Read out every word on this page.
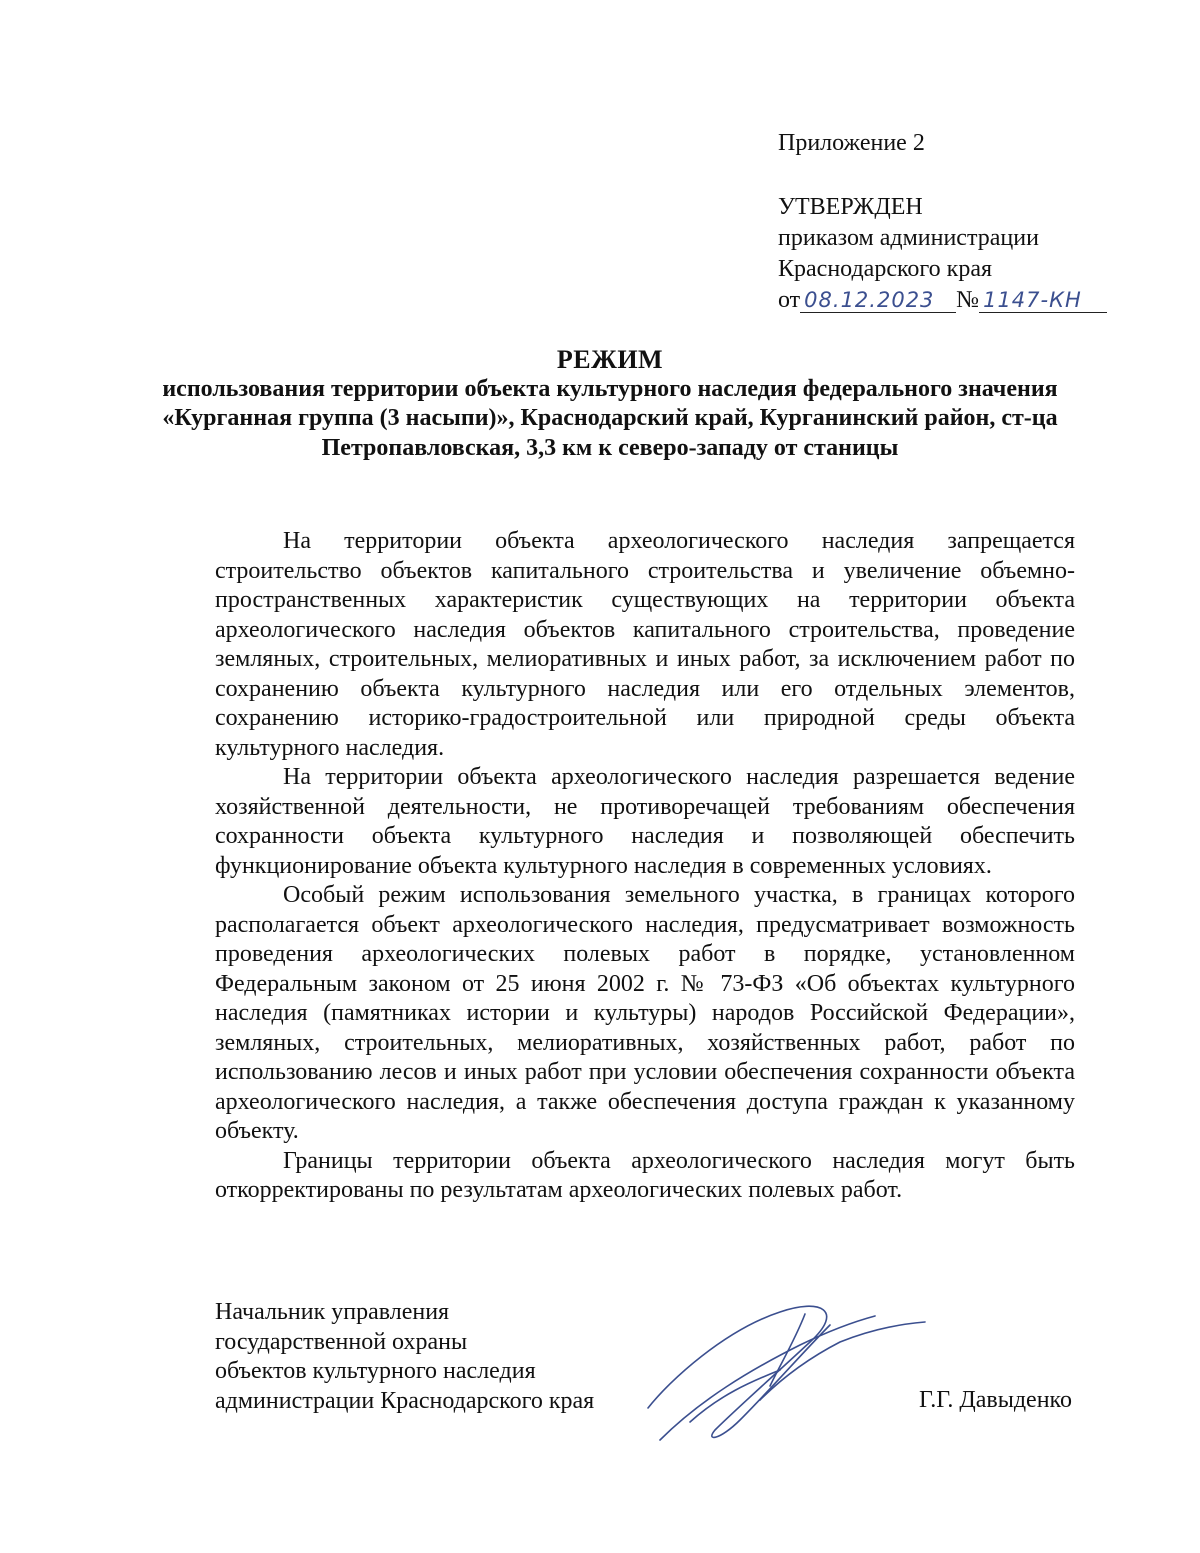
Приложение 2
УТВЕРЖДЕН
приказом администрации
Краснодарского края
от 08.12.2023 № 1147-КН
РЕЖИМ
использования территории объекта культурного наследия федерального значения «Курганная группа (3 насыпи)», Краснодарский край, Курганинский район, ст-ца Петропавловская, 3,3 км к северо-западу от станицы

На территории объекта археологического наследия запрещается строительство объектов капитального строительства и увеличение объемно-пространственных характеристик существующих на территории объекта археологического наследия объектов капитального строительства, проведение земляных, строительных, мелиоративных и иных работ, за исключением работ по сохранению объекта культурного наследия или его отдельных элементов, сохранению историко-градостроительной или природной среды объекта культурного наследия.

На территории объекта археологического наследия разрешается ведение хозяйственной деятельности, не противоречащей требованиям обеспечения сохранности объекта культурного наследия и позволяющей обеспечить функционирование объекта культурного наследия в современных условиях.

Особый режим использования земельного участка, в границах которого располагается объект археологического наследия, предусматривает возможность проведения археологических полевых работ в порядке, установленном Федеральным законом от 25 июня 2002 г. № 73-ФЗ «Об объектах культурного наследия (памятниках истории и культуры) народов Российской Федерации», земляных, строительных, мелиоративных, хозяйственных работ, работ по использованию лесов и иных работ при условии обеспечения сохранности объекта археологического наследия, а также обеспечения доступа граждан к указанному объекту.

Границы территории объекта археологического наследия могут быть откорректированы по результатам археологических полевых работ.

Начальник управления
государственной охраны
объектов культурного наследия
администрации Краснодарского края	Г.Г. Давыденко
